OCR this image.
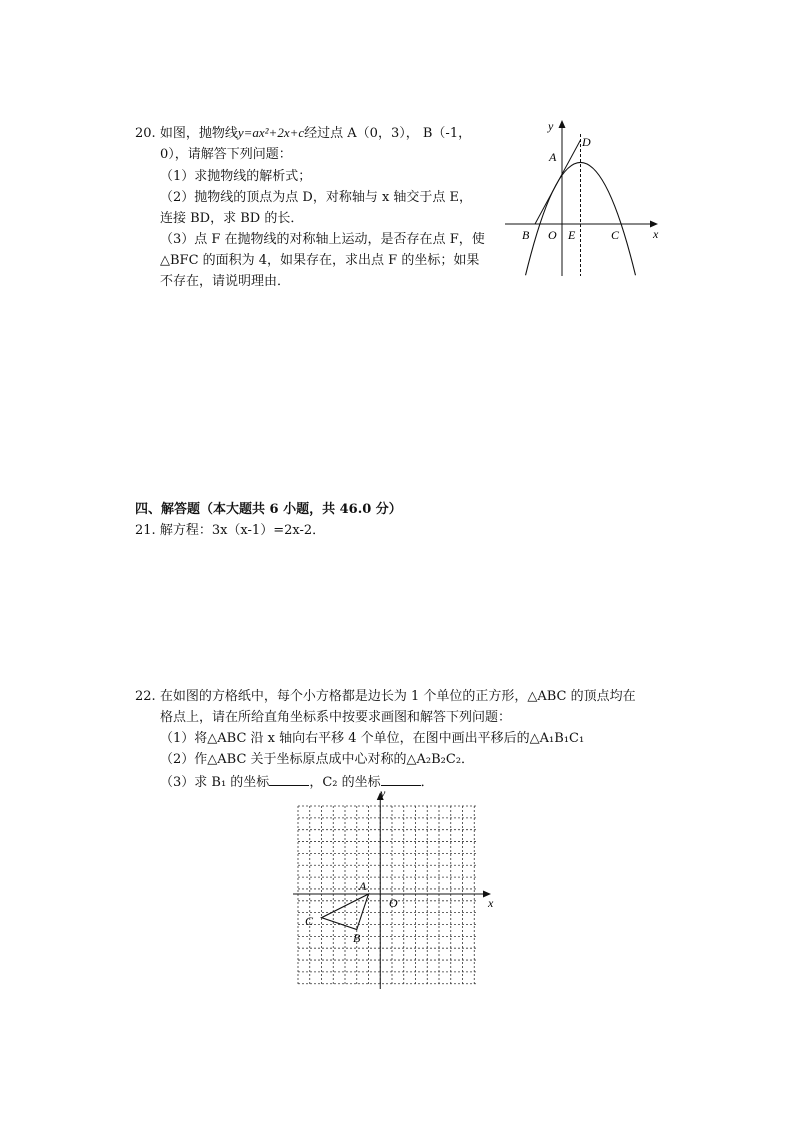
20. 如图，抛物线y=ax²+2x+c经过点 A（0，3）， B（-1，
0），请解答下列问题：
（1）求抛物线的解析式；
（2）抛物线的顶点为点 D，对称轴与 x 轴交于点 E，
连接 BD，求 BD 的长．
（3）点 F 在抛物线的对称轴上运动，是否存在点 F，使
△BFC 的面积为 4，如果存在，求出点 F 的坐标；如果
不存在，请说明理由．
y
x
D
A
B O E	C
四、解答题（本大题共 6 小题，共 46.0 分）
21. 解方程：3x（x-1）=2x-2．
22. 在如图的方格纸中，每个小方格都是边长为 1 个单位的正方形，△ABC 的顶点均在
格点上，请在所给直角坐标系中按要求画图和解答下列问题：
（1）将△ABC 沿 x 轴向右平移 4 个单位，在图中画出平移后的△A₁B₁C₁
（2）作△ABC 关于坐标原点成中心对称的△A₂B₂C₂．
（3）求 B₁ 的坐标	，C₂ 的坐标	．
y
x
A
O
C
B
